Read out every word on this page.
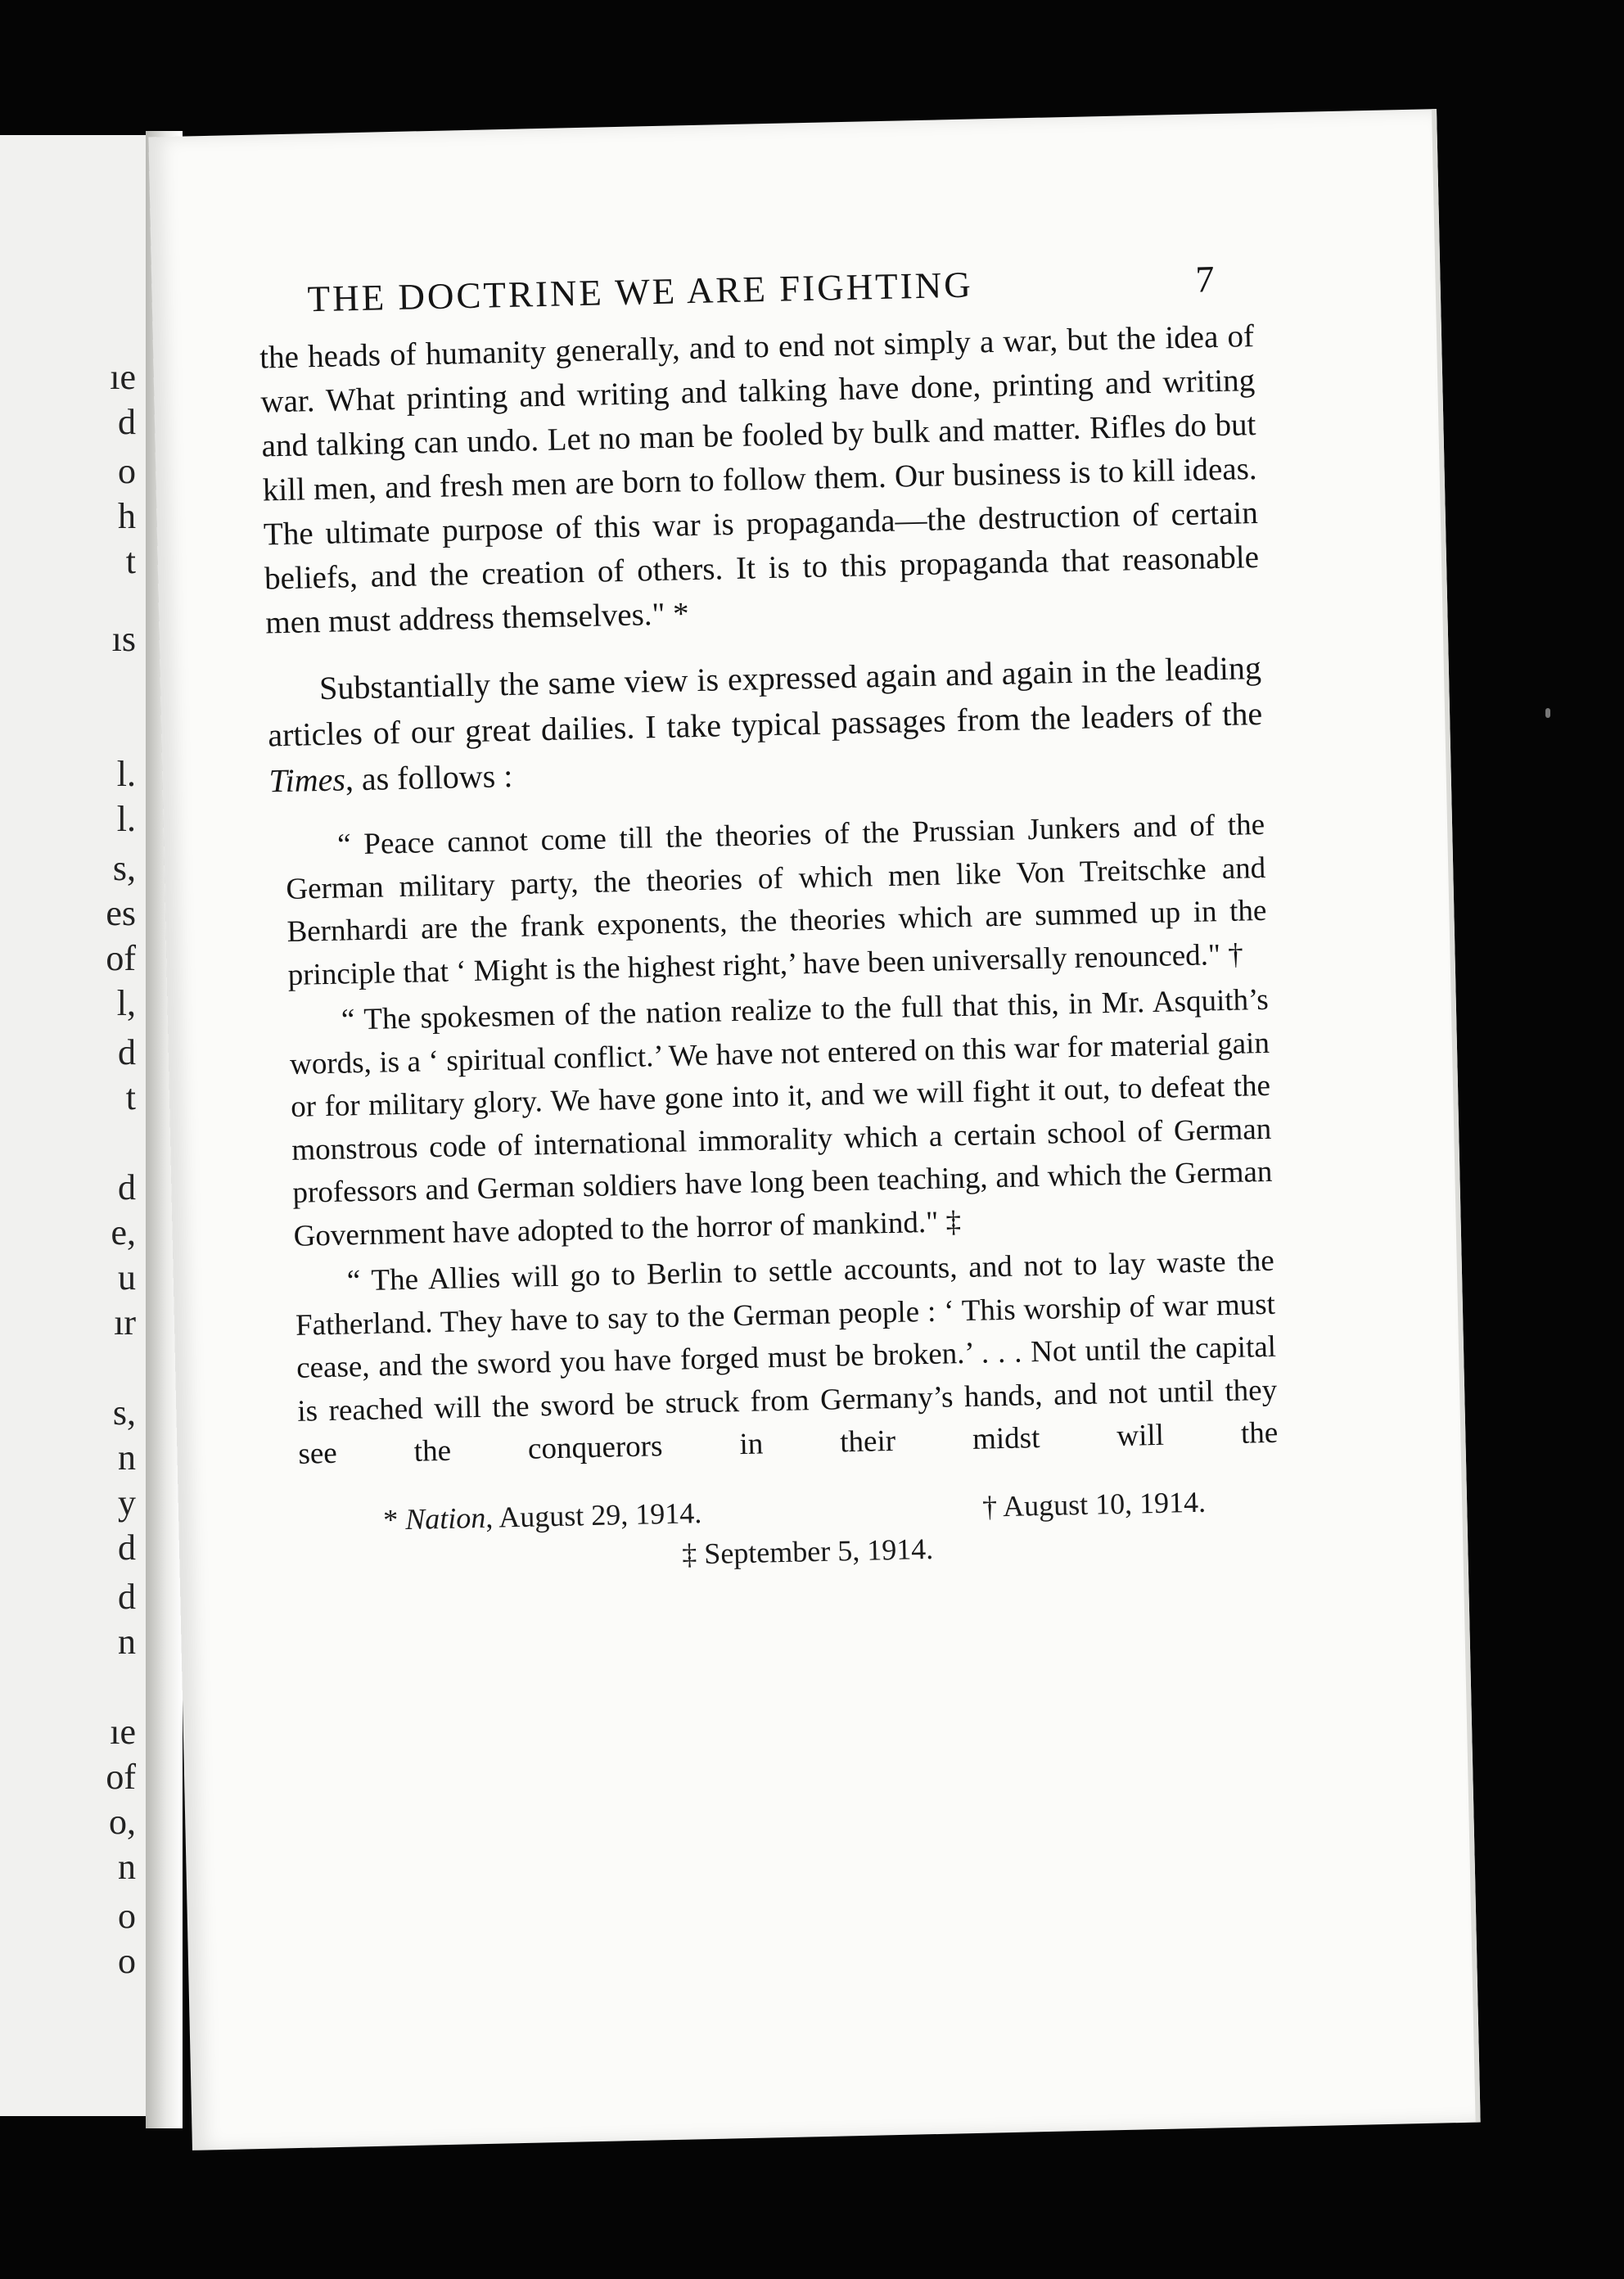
ıe
d
o
h
t
ıs
l.
l.
s,
es
of
l,
d
t
d
e,
u
ır
s,
n
y
d
d
n
ıe
of
o,
n
o
o
THE DOCTRINE WE ARE FIGHTING	7

the heads of humanity generally, and to end not simply a war, but the idea of war. What printing and writing and talking have done, printing and writing and talking can undo. Let no man be fooled by bulk and matter. Rifles do but kill men, and fresh men are born to follow them. Our business is to kill ideas. The ultimate purpose of this war is propaganda—the destruction of certain beliefs, and the creation of others. It is to this propaganda that reasonable men must address themselves." *

Substantially the same view is expressed again and again in the leading articles of our great dailies. I take typical passages from the leaders of the Times, as follows :

“ Peace cannot come till the theories of the Prussian Junkers and of the German military party, the theories of which men like Von Treitschke and Bernhardi are the frank exponents, the theories which are summed up in the principle that ‘ Might is the highest right,’ have been universally renounced." †

“ The spokesmen of the nation realize to the full that this, in Mr. Asquith’s words, is a ‘ spiritual conflict.’ We have not entered on this war for material gain or for military glory. We have gone into it, and we will fight it out, to defeat the monstrous code of international immorality which a certain school of German professors and German soldiers have long been teaching, and which the German Government have adopted to the horror of mankind." ‡

“ The Allies will go to Berlin to settle accounts, and not to lay waste the Fatherland. They have to say to the German people : ‘ This worship of war must cease, and the sword you have forged must be broken.’ . . . Not until the capital is reached will the sword be struck from Germany’s hands, and not until they see the conquerors in their midst will the

* Nation, August 29, 1914.	† August 10, 1914.
‡ September 5, 1914.
